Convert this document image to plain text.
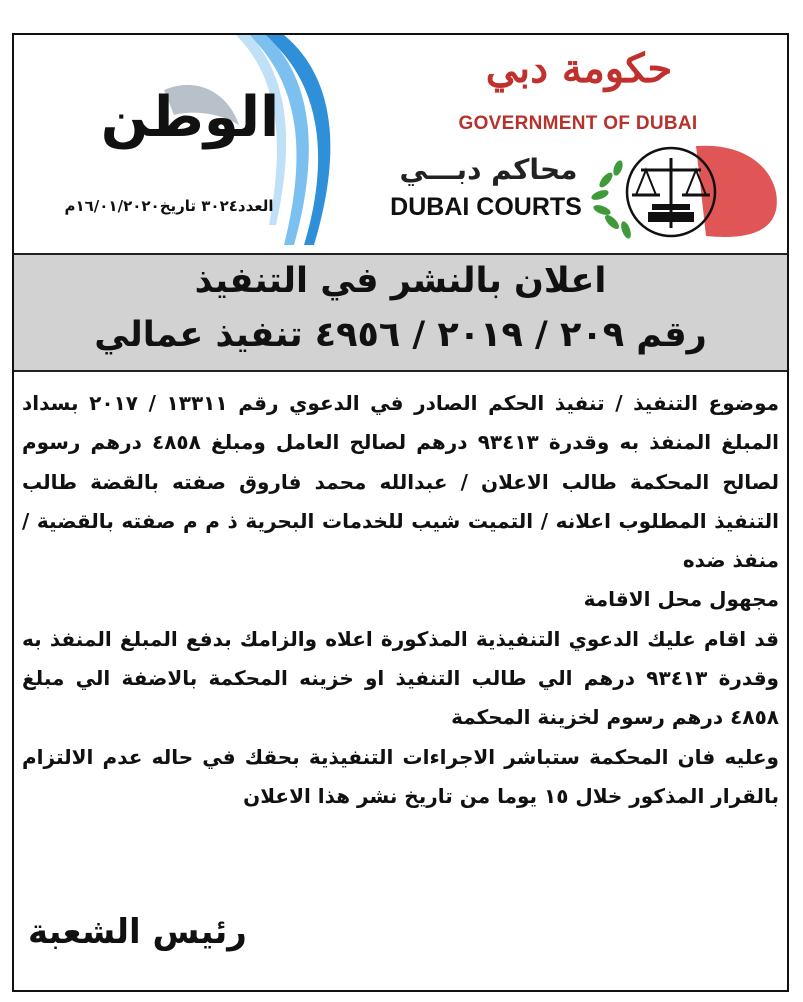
حكومة دبي
GOVERNMENT OF DUBAI
محاكم دبـــي
DUBAI COURTS
الوطن
العدد٣٠٢٤ تاريخ١٦/٠١/٢٠٢٠م
اعلان بالنشر في التنفيذ
رقم ٢٠٩ / ٢٠١٩ / ٤٩٥٦ تنفيذ عمالي

موضوع التنفيذ / تنفيذ الحكم الصادر في الدعوي رقم ١٣٣١١ / ٢٠١٧ بسداد المبلغ المنفذ به وقدرة ٩٣٤١٣ درهم لصالح العامل ومبلغ ٤٨٥٨ درهم رسوم لصالح المحكمة طالب الاعلان / عبدالله محمد فاروق صفته بالقضة طالب التنفيذ المطلوب اعلانه / التميت شيب للخدمات البحرية ذ م م صفته بالقضية / منفذ ضده

مجهول محل الاقامة

قد اقام عليك الدعوي التنفيذية المذكورة اعلاه والزامك بدفع المبلغ المنفذ به وقدرة ٩٣٤١٣ درهم الي طالب التنفيذ او خزينه المحكمة بالاضفة الي مبلغ ٤٨٥٨ درهم رسوم لخزينة المحكمة

وعليه فان المحكمة ستباشر الاجراءات التنفيذية بحقك في حاله عدم الالتزام بالقرار المذكور خلال ١٥ يوما من تاريخ نشر هذا الاعلان

رئيس الشعبة
